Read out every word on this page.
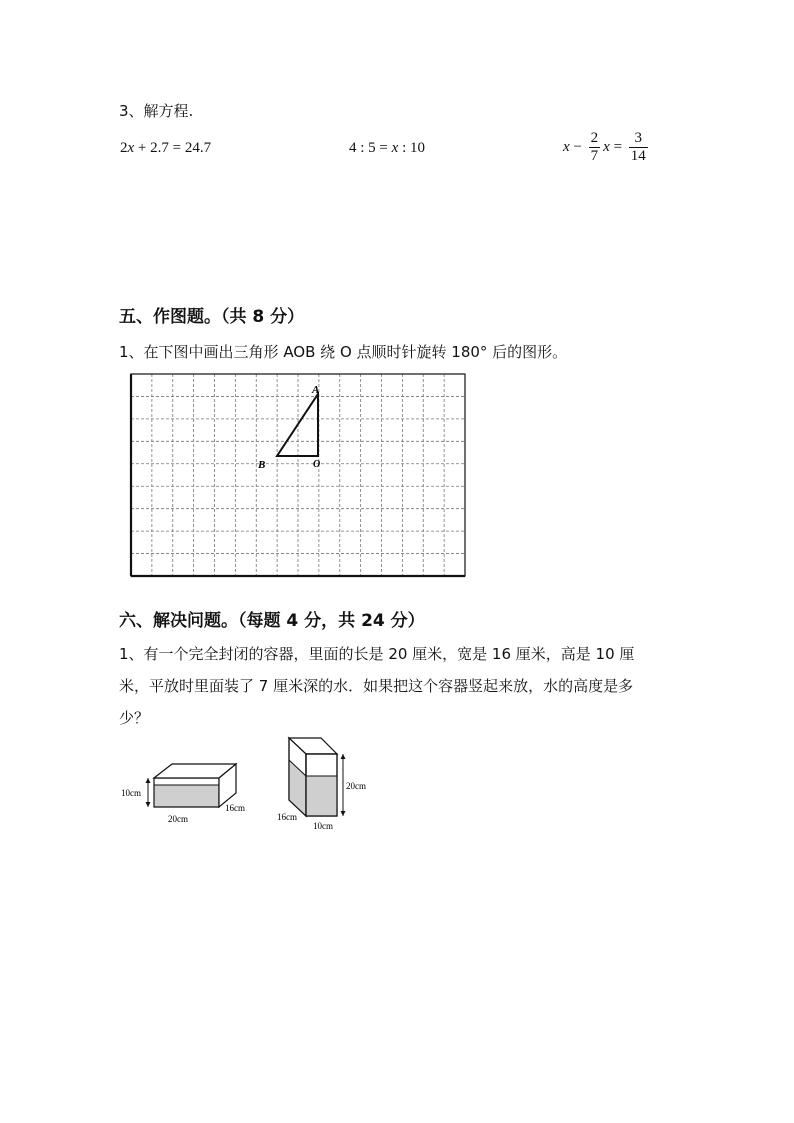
3、解方程.
2x + 2.7 = 24.7	4 : 5 = x : 10	$x - \frac{2}{7}$ $x = \frac{3}{14}$
五、作图题。（共 8 分）
1、在下图中画出三角形 AOB 绕 O 点顺时针旋转 180° 后的图形。
A
B	O
六、解决问题。（每题 4 分，共 24 分）
1、有一个完全封闭的容器，里面的长是 20 厘米，宽是 16 厘米，高是 10 厘
米，平放时里面装了 7 厘米深的水．如果把这个容器竖起来放，水的高度是多
少？
10cm
20cm
16cm
20cm
16cm
10cm
